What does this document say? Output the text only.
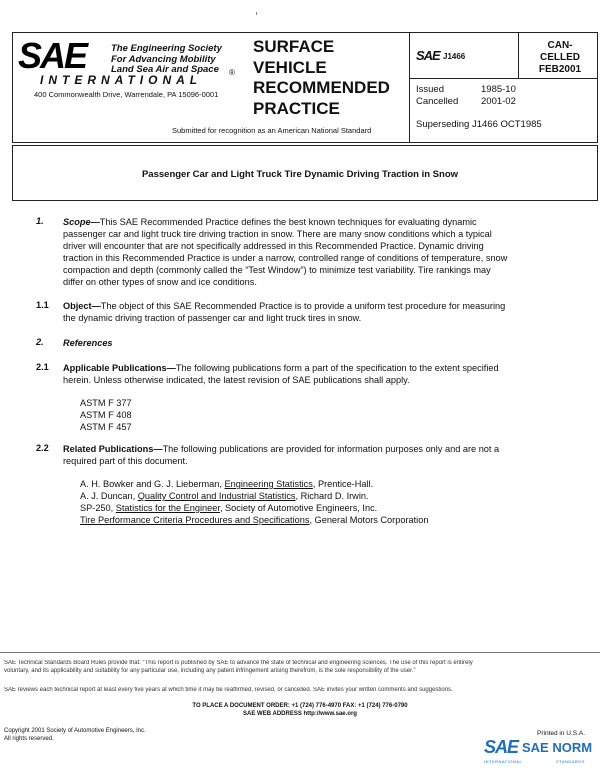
SAE	The Engineering Society
For Advancing Mobility
Land Sea Air and Space	®
INTERNATIONAL
400 Commonwealth Drive, Warrendale, PA 15096-0001
SURFACE
VEHICLE
RECOMMENDED
PRACTICE
SAE J1466
CAN-
CELLED
FEB2001
Issued	1985-10
Cancelled 2001-02
Superseding J1466 OCT1985
Submitted for recognition as an American National Standard
Passenger Car and Light Truck Tire Dynamic Driving Traction in Snow
1. Scope—This SAE Recommended Practice defines the best known techniques for evaluating dynamic
passenger car and light truck tire driving traction in snow. There are many snow conditions which a typical
driver will encounter that are not specifically addressed in this Recommended Practice. Dynamic driving
traction in this Recommended Practice is under a narrow, controlled range of conditions of temperature, snow
compaction and depth (commonly called the “Test Window”) to minimize test variability. Tire rankings may
differ on other types of snow and ice conditions.
1.1 Object—The object of this SAE Recommended Practice is to provide a uniform test procedure for measuring
the dynamic driving traction of passenger car and light truck tires in snow.
2. References
2.1 Applicable Publications—The following publications form a part of the specification to the extent specified
herein. Unless otherwise indicated, the latest revision of SAE publications shall apply.
ASTM F 377
ASTM F 408
ASTM F 457
2.2 Related Publications—The following publications are provided for information purposes only and are not a
required part of this document.
A. H. Bowker and G. J. Lieberman, Engineering Statistics, Prentice-Hall.
A. J. Duncan, Quality Control and Industrial Statistics, Richard D. Irwin.
SP-250, Statistics for the Engineer, Society of Automotive Engineers, Inc.
Tire Performance Criteria Procedures and Specifications, General Motors Corporation
SAE Technical Standards Board Rules provide that: “This report is published by SAE to advance the state of technical and engineering sciences. The use of this report is entirely
voluntary, and its applicability and suitability for any particular use, including any patent infringement arising therefrom, is the sole responsibility of the user.”
SAE reviews each technical report at least every five years at which time it may be reaffirmed, revised, or cancelled. SAE invites your written comments and suggestions.
TO PLACE A DOCUMENT ORDER: +1 (724) 776-4970 FAX: +1 (724) 776-0790
SAE WEB ADDRESS http://www.sae.org
Copyright 2001 Society of Automotive Engineers, Inc.
All rights reserved.
Printed in U.S.A.
SAE SAE NORM
INTERNATIONAL	STANDARDS
